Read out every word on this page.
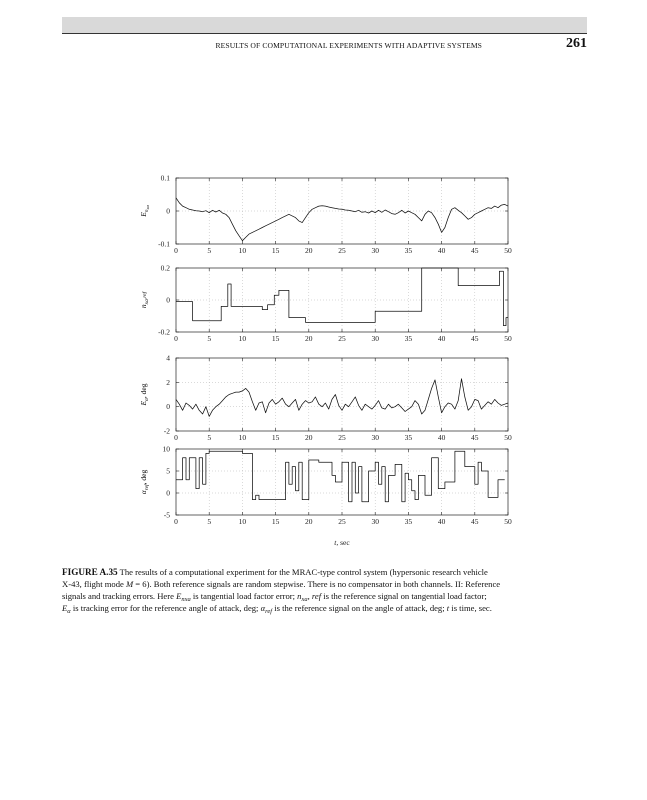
RESULTS OF COMPUTATIONAL EXPERIMENTS WITH ADAPTIVE SYSTEMS	261
0	5	10	15	20	25	30	35	40	45	50
-0.1
0
0.1
$E_nxa$
0	5	10	15	20	25	30	35	40	45	50
-0.2
0
0.2
$n_{xa}^{,ref}$
0	5	10	15	20	25	30	35	40	45	50
-2
0
2
4
$E_\alpha$, deg
0	5	10	15	20	25	30	35	40	45	50
-5
0
5
10
$\alpha_{ref}$, deg
t, sec
FIGURE A.35 The results of a computational experiment for the MRAC-type control system (hypersonic research vehicle
X-43, flight mode M = 6). Both reference signals are random stepwise. There is no compensator in both channels. II: Reference
signals and tracking errors. Here $E_{nxa}$ is tangential load factor error; $n_{xa}$, ref is the reference signal on tangential load factor;
$E_\alpha$ is tracking error for the reference angle of attack, deg; $\alpha_{ref}$ is the reference signal on the angle of attack, deg; t is time, sec.
